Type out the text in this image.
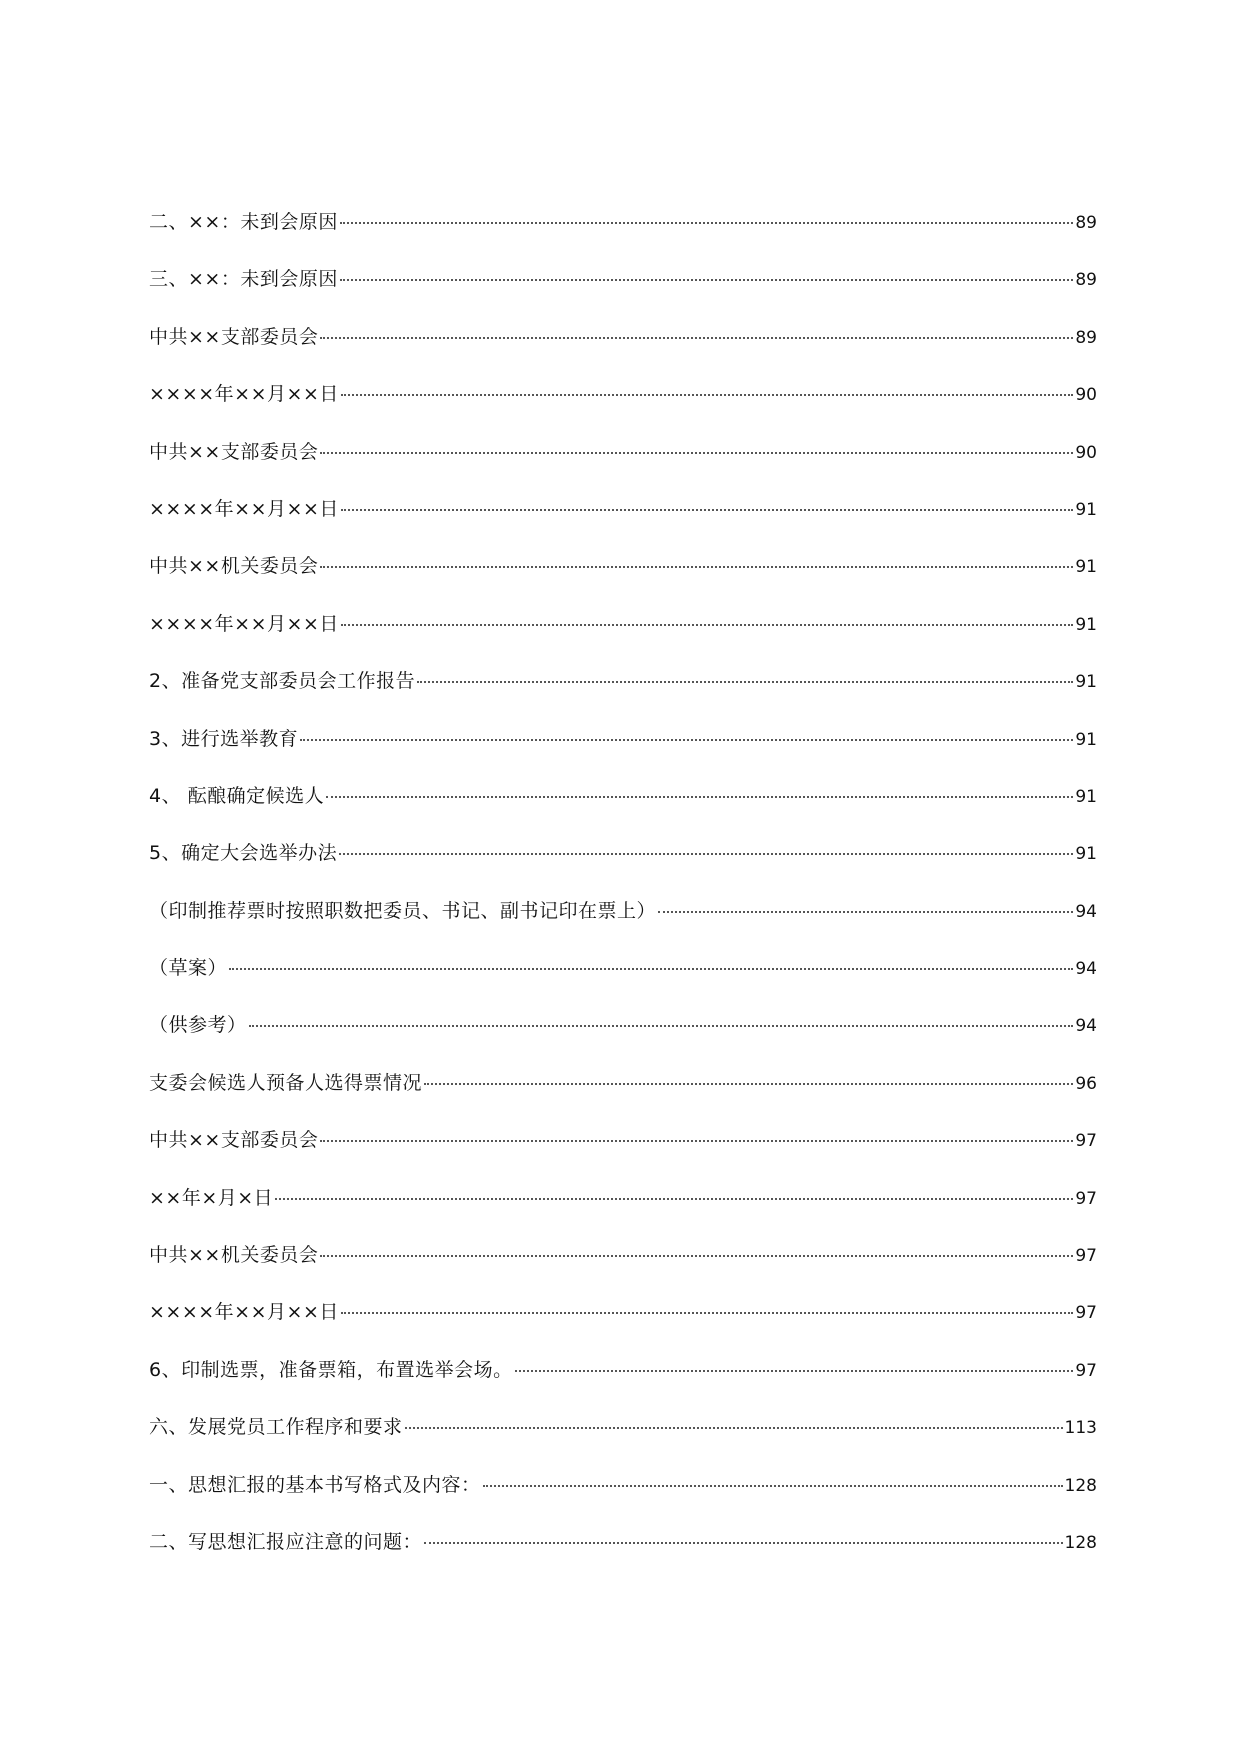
二、××：未到会原因	89
三、××：未到会原因	89
中共××支部委员会	89
××××年××月××日	90
中共××支部委员会	90
××××年××月××日	91
中共××机关委员会	91
××××年××月××日	91
2、准备党支部委员会工作报告	91
3、进行选举教育	91
4、 酝酿确定候选人	91
5、确定大会选举办法	91
（印制推荐票时按照职数把委员、书记、副书记印在票上）	94
（草案）	94
（供参考）	94
支委会候选人预备人选得票情况	96
中共××支部委员会	97
××年×月×日	97
中共××机关委员会	97
××××年××月××日	97
6、印制选票，准备票箱，布置选举会场。	97
六、发展党员工作程序和要求	113
一、思想汇报的基本书写格式及内容：	128
二、写思想汇报应注意的问题：	128
